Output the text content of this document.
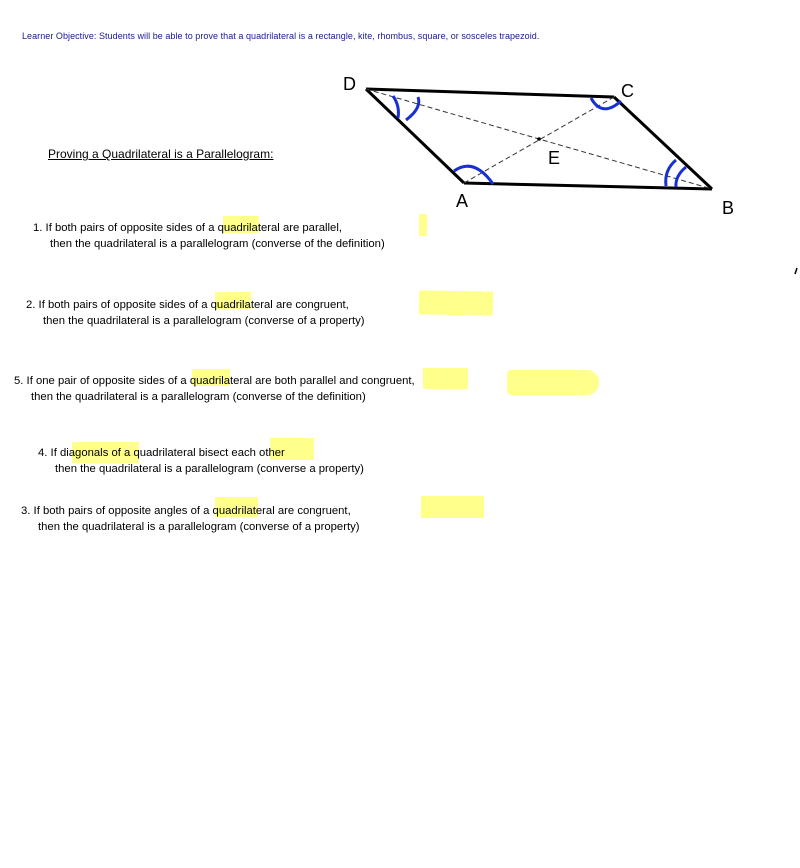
Learner Objective: Students will be able to prove that a quadrilateral is a rectangle, kite, rhombus, square, or sosceles trapezoid.
D	C
A	B
E
Proving a Quadrilateral is a Parallelogram:
1. If both pairs of opposite sides of a quadrilateral are parallel,
then the quadrilateral is a parallelogram (converse of the definition)
2. If both pairs of opposite sides of a quadrilateral are congruent,
then the quadrilateral is a parallelogram (converse of a property)
5. If one pair of opposite sides of a quadrilateral are both parallel and congruent,
then the quadrilateral is a parallelogram (converse of the definition)
4. If diagonals of a quadrilateral bisect each other
then the quadrilateral is a parallelogram (converse a property)
3. If both pairs of opposite angles of a quadrilateral are congruent,
then the quadrilateral is a parallelogram (converse of a property)
